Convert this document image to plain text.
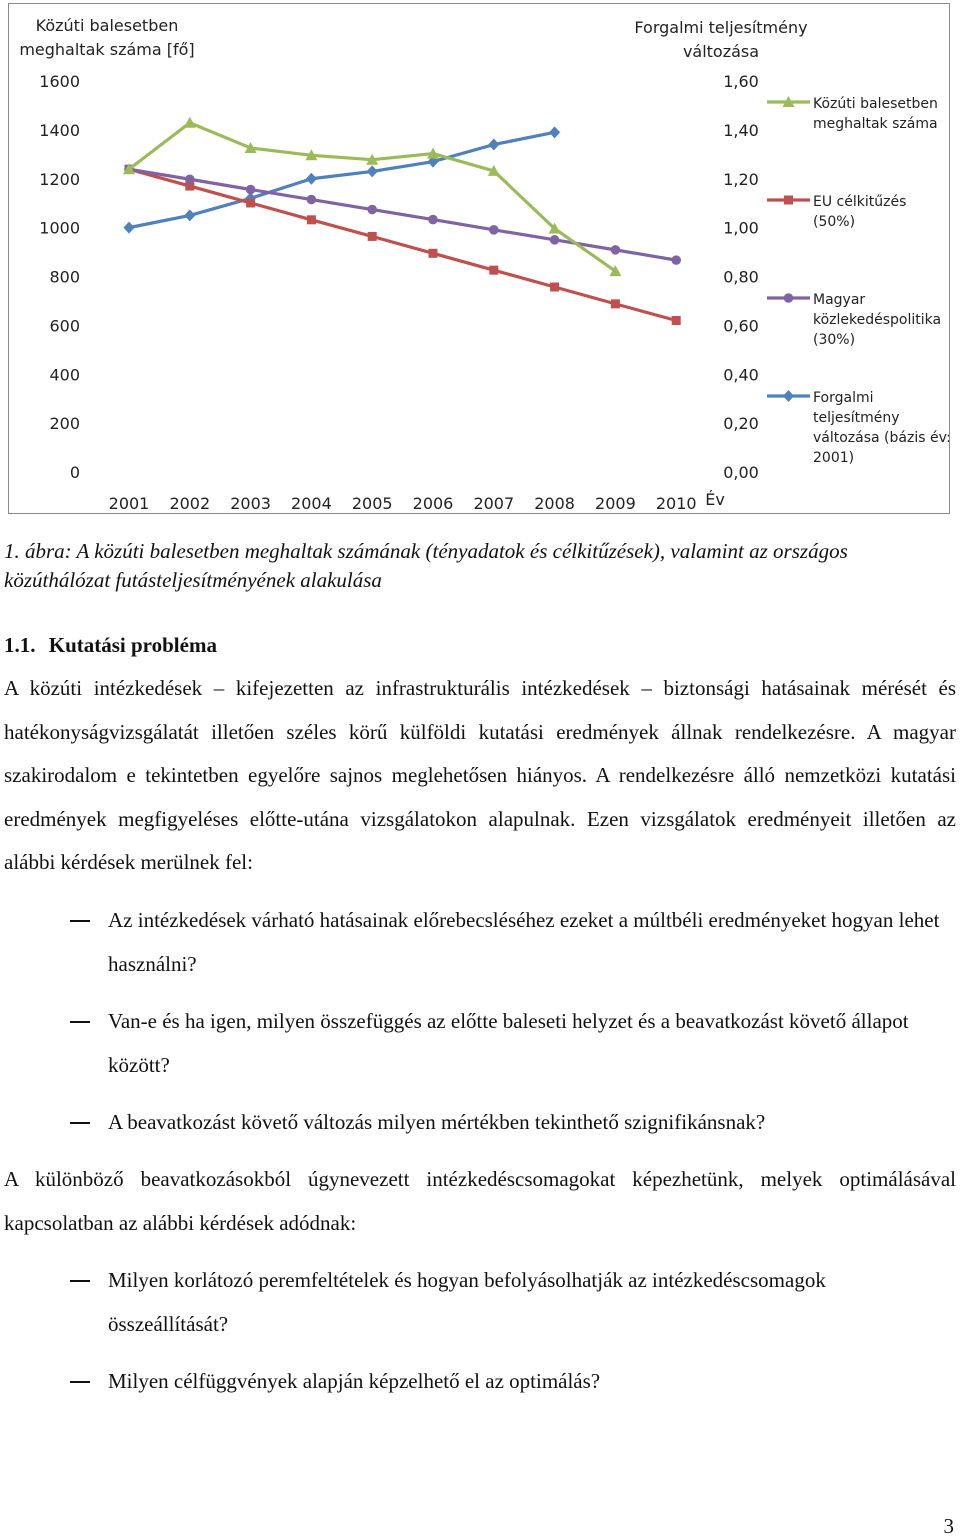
Közúti balesetben
meghaltak száma [fő]
Forgalmi teljesítmény
változása
Év
0
200
400
600
800
1000
1200
1400
1600
0,00
0,20
0,40
0,60
0,80
1,00
1,20
1,40
1,60
2001 2002 2003 2004 2005 2006 2007 2008 2009 2010
Közúti balesetben
meghaltak száma
EU célkitűzés
(50%)
Magyar
közlekedéspolitika
(30%)
Forgalmi
teljesítmény
változása (bázis év:
2001)
1. ábra: A közúti balesetben meghaltak számának (tényadatok és célkitűzések), valamint az országos közúthálózat futásteljesítményének alakulása
1.1. Kutatási probléma
A közúti intézkedések – kifejezetten az infrastrukturális intézkedések – biztonsági hatásainak mérését és hatékonyságvizsgálatát illetően széles körű külföldi kutatási eredmények állnak rendelkezésre. A magyar szakirodalom e tekintetben egyelőre sajnos meglehetősen hiányos. A rendelkezésre álló nemzetközi kutatási eredmények megfigyeléses előtte-utána vizsgálatokon alapulnak. Ezen vizsgálatok eredményeit illetően az alábbi kérdések merülnek fel:
Az intézkedések várható hatásainak előrebecsléséhez ezeket a múltbéli eredményeket hogyan lehet használni?
Van-e és ha igen, milyen összefüggés az előtte baleseti helyzet és a beavatkozást követő állapot között?
A beavatkozást követő változás milyen mértékben tekinthető szignifikánsnak?
A különböző beavatkozásokból úgynevezett intézkedéscsomagokat képezhetünk, melyek optimálásával kapcsolatban az alábbi kérdések adódnak:
Milyen korlátozó peremfeltételek és hogyan befolyásolhatják az intézkedéscsomagok összeállítását?
Milyen célfüggvények alapján képzelhető el az optimálás?
3
